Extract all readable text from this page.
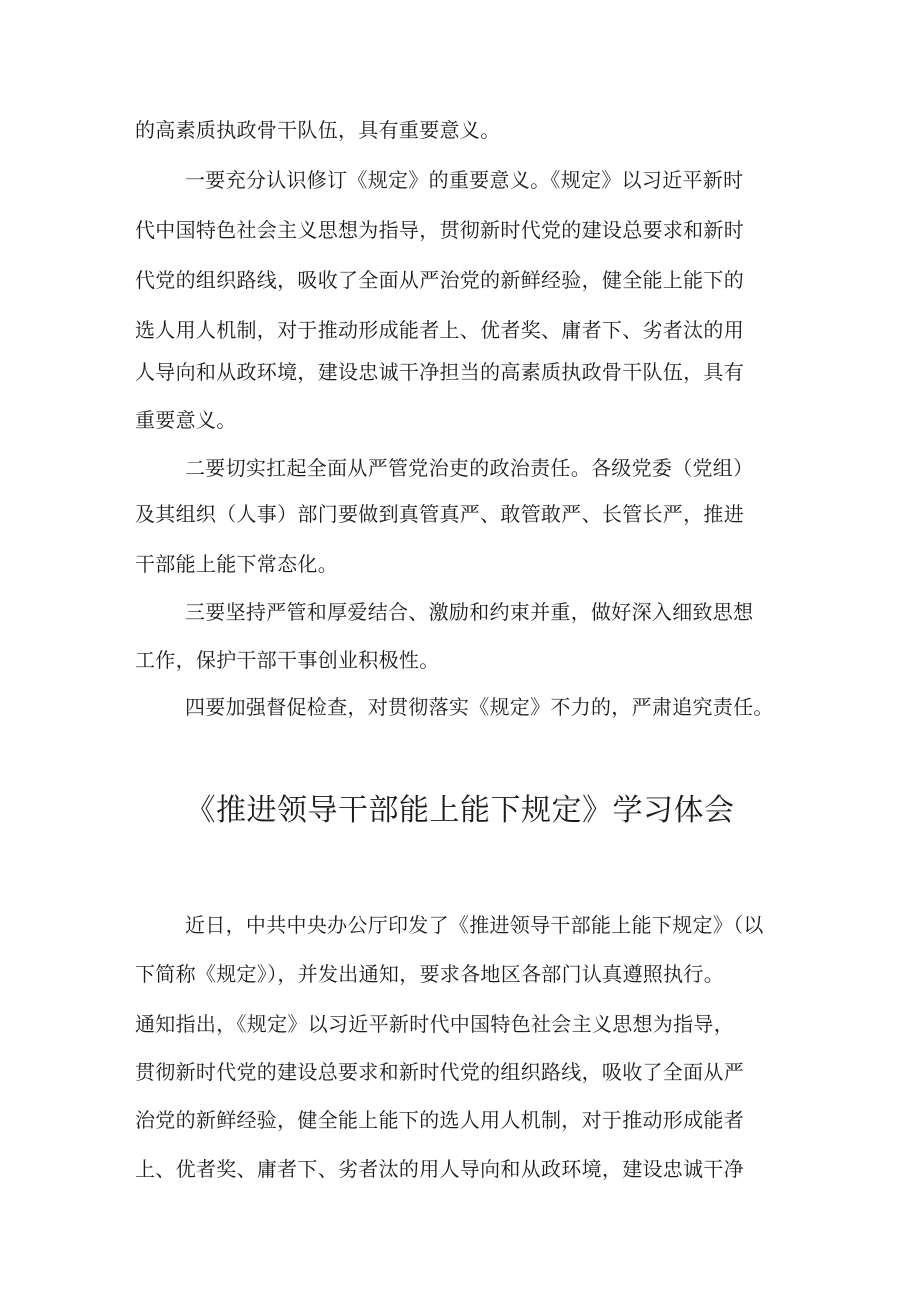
的高素质执政骨干队伍，具有重要意义。
一要充分认识修订《规定》的重要意义。《规定》以习近平新时
代中国特色社会主义思想为指导，贯彻新时代党的建设总要求和新时
代党的组织路线，吸收了全面从严治党的新鲜经验，健全能上能下的
选人用人机制，对于推动形成能者上、优者奖、庸者下、劣者汰的用
人导向和从政环境，建设忠诚干净担当的高素质执政骨干队伍，具有
重要意义。
二要切实扛起全面从严管党治吏的政治责任。各级党委（党组）
及其组织（人事）部门要做到真管真严、敢管敢严、长管长严，推进
干部能上能下常态化。
三要坚持严管和厚爱结合、激励和约束并重，做好深入细致思想
工作，保护干部干事创业积极性。
四要加强督促检查，对贯彻落实《规定》不力的，严肃追究责任。
《推进领导干部能上能下规定》学习体会
近日，中共中央办公厅印发了《推进领导干部能上能下规定》（以
下简称《规定》），并发出通知，要求各地区各部门认真遵照执行。
通知指出，《规定》以习近平新时代中国特色社会主义思想为指导，
贯彻新时代党的建设总要求和新时代党的组织路线，吸收了全面从严
治党的新鲜经验，健全能上能下的选人用人机制，对于推动形成能者
上、优者奖、庸者下、劣者汰的用人导向和从政环境，建设忠诚干净
